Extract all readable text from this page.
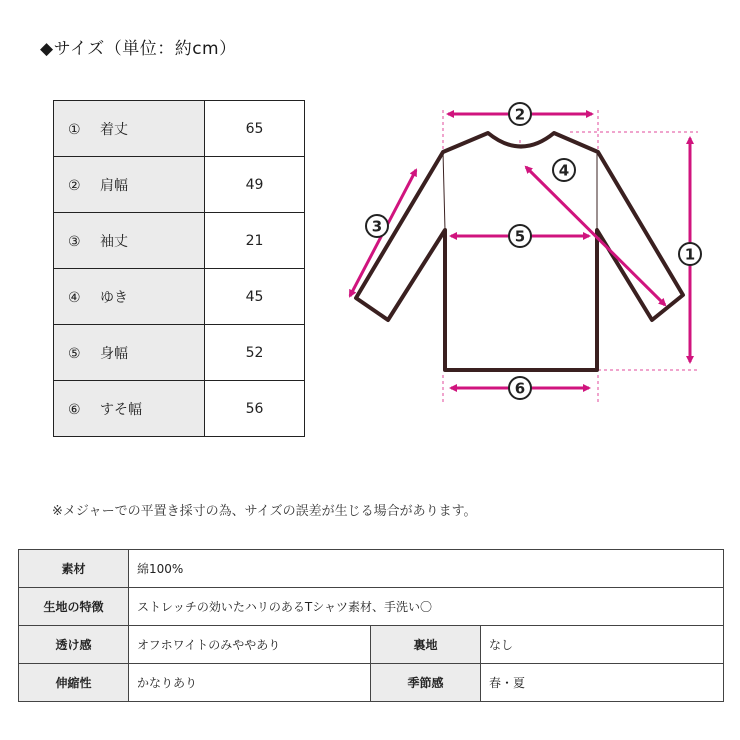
◆サイズ（単位：約cm）
① 着丈	65
② 肩幅	49
③ 袖丈	21
④ ゆき	45
⑤ 身幅	52
⑥ すそ幅	56
2
1
4
3
5
6
※メジャーでの平置き採寸の為、サイズの誤差が生じる場合があります。
素材	綿100%		
生地の特徴	ストレッチの効いたハリのあるTシャツ素材、手洗い〇		
透け感	オフホワイトのみややあり	裏地	なし
伸縮性	かなりあり	季節感	春・夏
